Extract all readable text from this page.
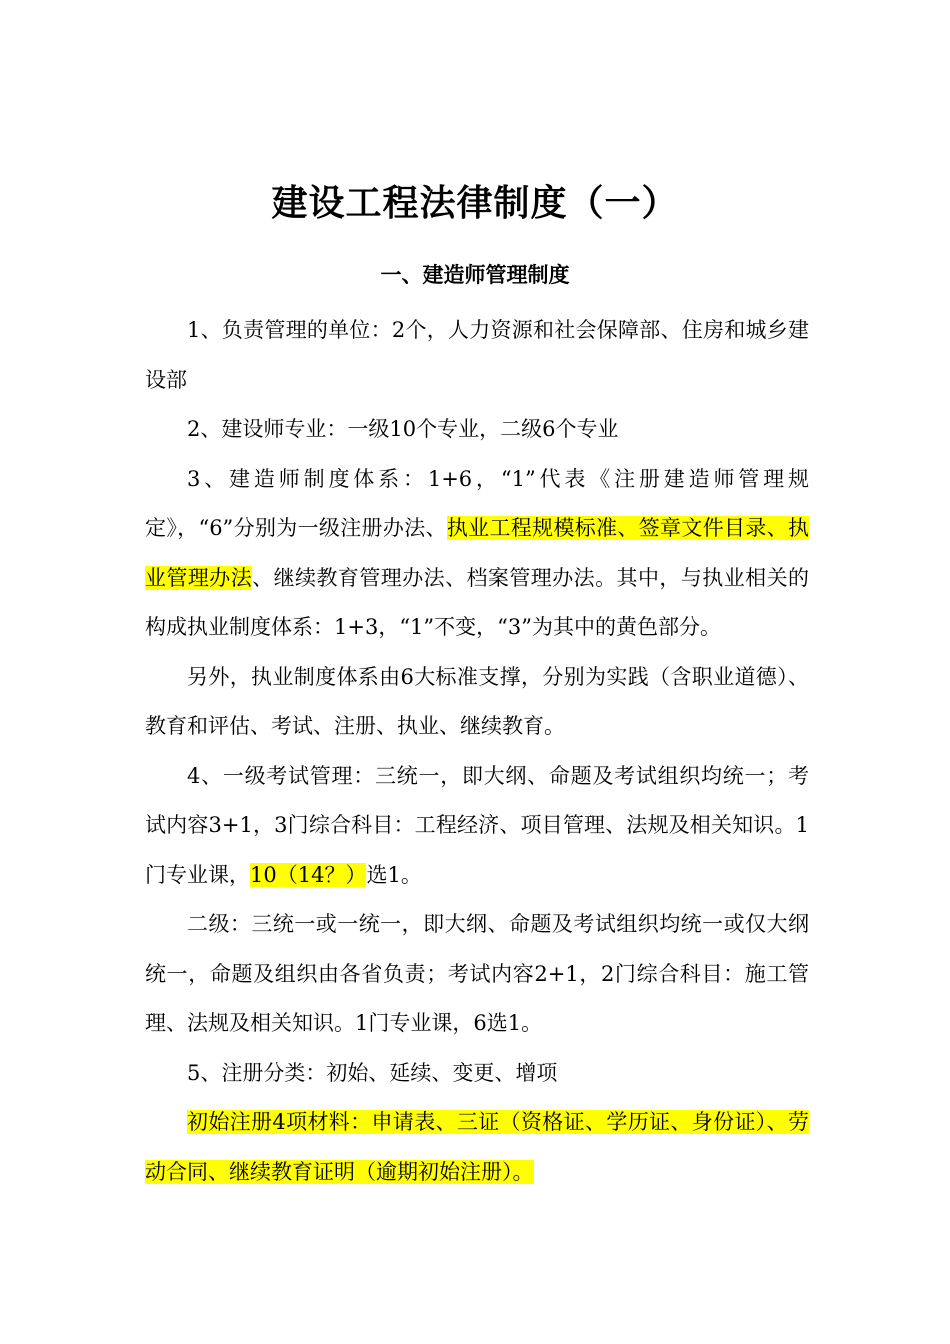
建设工程法律制度（一）
一、建造师管理制度

1、负责管理的单位：2个，人力资源和社会保障部、住房和城乡建设部

2、建设师专业：一级10个专业，二级6个专业

3、建造师制度体系：1+6，“1”代表《注册建造师管理规定》，“6”分别为一级注册办法、执业工程规模标准、签章文件目录、执业管理办法、继续教育管理办法、档案管理办法。其中，与执业相关的构成执业制度体系：1+3，“1”不变，“3”为其中的黄色部分。

另外，执业制度体系由6大标准支撑，分别为实践（含职业道德）、教育和评估、考试、注册、执业、继续教育。

4、一级考试管理：三统一，即大纲、命题及考试组织均统一；考试内容3+1，3门综合科目：工程经济、项目管理、法规及相关知识。1门专业课，10（14？）选1。

二级：三统一或一统一，即大纲、命题及考试组织均统一或仅大纲统一，命题及组织由各省负责；考试内容2+1，2门综合科目：施工管理、法规及相关知识。1门专业课，6选1。

5、注册分类：初始、延续、变更、增项

初始注册4项材料：申请表、三证（资格证、学历证、身份证）、劳动合同、继续教育证明（逾期初始注册）。
